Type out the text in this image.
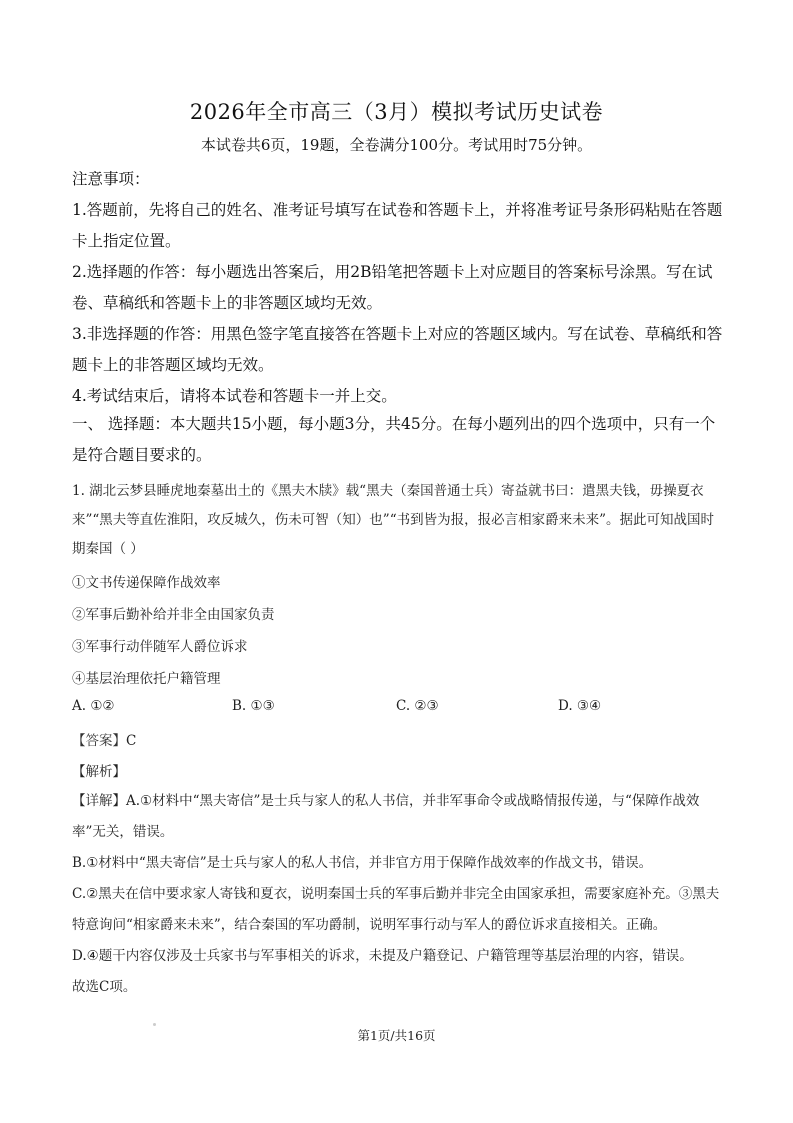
2026年全市高三（3月）模拟考试历史试卷
本试卷共6页，19题，全卷满分100分。考试用时75分钟。
注意事项：

1.答题前，先将自己的姓名、准考证号填写在试卷和答题卡上，并将准考证号条形码粘贴在答题卡上指定位置。

2.选择题的作答：每小题选出答案后，用2B铅笔把答题卡上对应题目的答案标号涂黑。写在试卷、草稿纸和答题卡上的非答题区域均无效。

3.非选择题的作答：用黑色签字笔直接答在答题卡上对应的答题区域内。写在试卷、草稿纸和答题卡上的非答题区域均无效。

4.考试结束后，请将本试卷和答题卡一并上交。

一、 选择题：本大题共15小题，每小题3分，共45分。在每小题列出的四个选项中，只有一个是符合题目要求的。

1. 湖北云梦县睡虎地秦墓出土的《黑夫木牍》载“黑夫（秦国普通士兵）寄益就书曰：遣黑夫钱，毋操夏衣来”“黑夫等直佐淮阳，攻反城久，伤未可智（知）也”“书到皆为报，报必言相家爵来未来”。据此可知战国时期秦国（ ）

①文书传递保障作战效率
②军事后勤补给并非全由国家负责
③军事行动伴随军人爵位诉求
④基层治理依托户籍管理
A. ①②	B. ①③	C. ②③	D. ③④
【答案】C
【解析】

【详解】A.①材料中“黑夫寄信”是士兵与家人的私人书信，并非军事命令或战略情报传递，与“保障作战效率”无关，错误。

B.①材料中“黑夫寄信”是士兵与家人的私人书信，并非官方用于保障作战效率的作战文书，错误。

C.②黑夫在信中要求家人寄钱和夏衣，说明秦国士兵的军事后勤并非完全由国家承担，需要家庭补充。③黑夫特意询问“相家爵来未来”，结合秦国的军功爵制，说明军事行动与军人的爵位诉求直接相关。正确。

D.④题干内容仅涉及士兵家书与军事相关的诉求，未提及户籍登记、户籍管理等基层治理的内容，错误。

故选C项。

第1页/共16页
